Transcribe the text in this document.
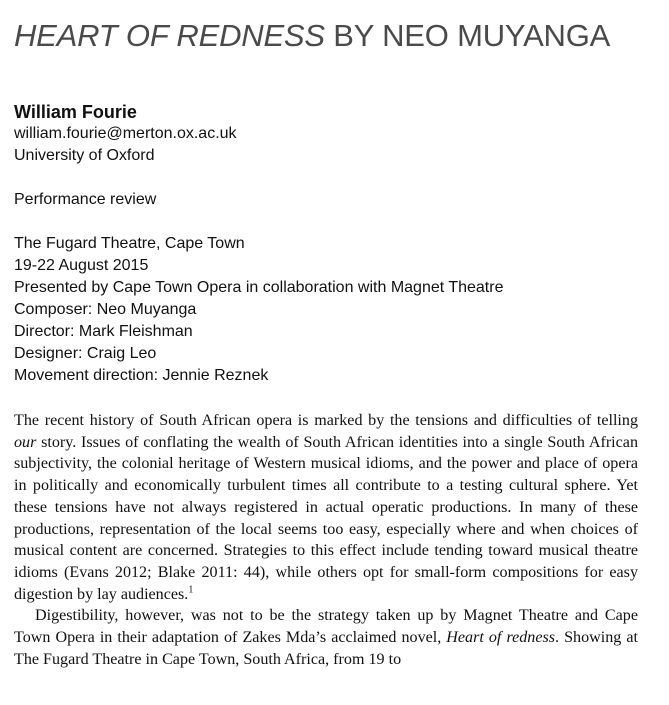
HEART OF REDNESS BY NEO MUYANGA
William Fourie
william.fourie@merton.ox.ac.uk
University of Oxford
Performance review
The Fugard Theatre, Cape Town
19-22 August 2015
Presented by Cape Town Opera in collaboration with Magnet Theatre
Composer: Neo Muyanga
Director: Mark Fleishman
Designer: Craig Leo
Movement direction: Jennie Reznek

The recent history of South African opera is marked by the tensions and difficulties of telling our story. Issues of conflating the wealth of South African identities into a single South African subjectivity, the colonial heritage of Western musical idioms, and the power and place of opera in politically and economically turbulent times all contribute to a testing cultural sphere. Yet these tensions have not always registered in actual operatic productions. In many of these productions, representation of the local seems too easy, especially where and when choices of musical content are concerned. Strategies to this effect include tending toward musical theatre idioms (Evans 2012; Blake 2011: 44), while others opt for small-form compositions for easy digestion by lay audiences.$^1$

Digestibility, however, was not to be the strategy taken up by Magnet Theatre and Cape Town Opera in their adaptation of Zakes Mda’s acclaimed novel, Heart of redness. Showing at The Fugard Theatre in Cape Town, South Africa, from 19 to
